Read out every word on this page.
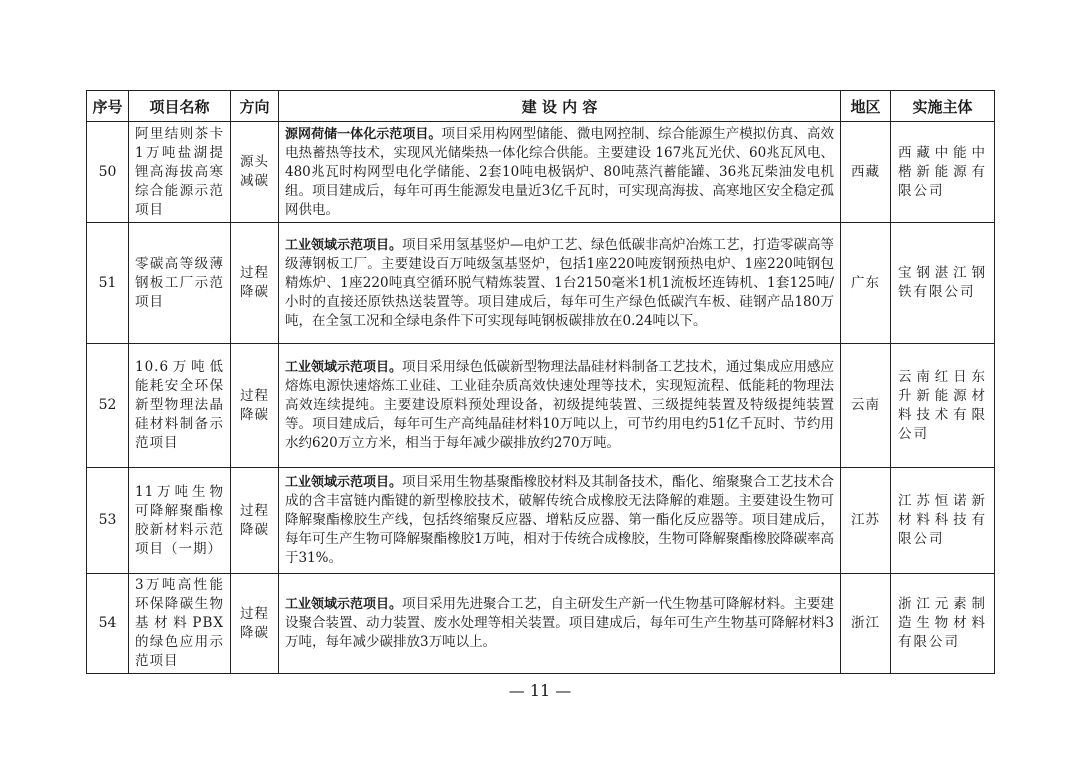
序号	项目名称	方向	建 设 内 容	地区	实施主体
50	阿里结则茶卡1万吨盐湖提锂高海拔高寒综合能源示范项目	源头减碳	源网荷储一体化示范项目。项目采用构网型储能、微电网控制、综合能源生产模拟仿真、高效电热蓄热等技术，实现风光储柴热一体化综合供能。主要建设 167兆瓦光伏、60兆瓦风电、480兆瓦时构网型电化学储能、2套10吨电极锅炉、80吨蒸汽蓄能罐、36兆瓦柴油发电机组。项目建成后，每年可再生能源发电量近3亿千瓦时，可实现高海拔、高寒地区安全稳定孤网供电。	西藏	西藏中能中楷新能源有限公司
51	零碳高等级薄钢板工厂示范项目	过程降碳	工业领域示范项目。项目采用氢基竖炉—电炉工艺、绿色低碳非高炉冶炼工艺，打造零碳高等级薄钢板工厂。主要建设百万吨级氢基竖炉，包括1座220吨废钢预热电炉、1座220吨钢包精炼炉、1座220吨真空循环脱气精炼装置、1台2150毫米1机1流板坯连铸机、1套125吨/小时的直接还原铁热送装置等。项目建成后，每年可生产绿色低碳汽车板、硅钢产品180万吨，在全氢工况和全绿电条件下可实现每吨钢板碳排放在0.24吨以下。	广东	宝钢湛江钢铁有限公司
52	10.6万吨低能耗安全环保新型物理法晶硅材料制备示范项目	过程降碳	工业领域示范项目。项目采用绿色低碳新型物理法晶硅材料制备工艺技术，通过集成应用感应熔炼电源快速熔炼工业硅、工业硅杂质高效快速处理等技术，实现短流程、低能耗的物理法高效连续提纯。主要建设原料预处理设备，初级提纯装置、三级提纯装置及特级提纯装置等。项目建成后，每年可生产高纯晶硅材料10万吨以上，可节约用电约51亿千瓦时、节约用水约620万立方米，相当于每年减少碳排放约270万吨。	云南	云南红日东升新能源材料技术有限公司
53	11万吨生物可降解聚酯橡胶新材料示范项目（一期）	过程降碳	工业领域示范项目。项目采用生物基聚酯橡胶材料及其制备技术，酯化、缩聚聚合工艺技术合成的含丰富链内酯键的新型橡胶技术，破解传统合成橡胶无法降解的难题。主要建设生物可降解聚酯橡胶生产线，包括终缩聚反应器、增粘反应器、第一酯化反应器等。项目建成后，每年可生产生物可降解聚酯橡胶1万吨，相对于传统合成橡胶，生物可降解聚酯橡胶降碳率高于31%。	江苏	江苏恒诺新材料科技有限公司
54	3万吨高性能环保降碳生物基材料PBX的绿色应用示范项目	过程降碳	工业领域示范项目。项目采用先进聚合工艺，自主研发生产新一代生物基可降解材料。主要建设聚合装置、动力装置、废水处理等相关装置。项目建成后，每年可生产生物基可降解材料3万吨，每年减少碳排放3万吨以上。	浙江	浙江元素制造生物材料有限公司
— 11 —
